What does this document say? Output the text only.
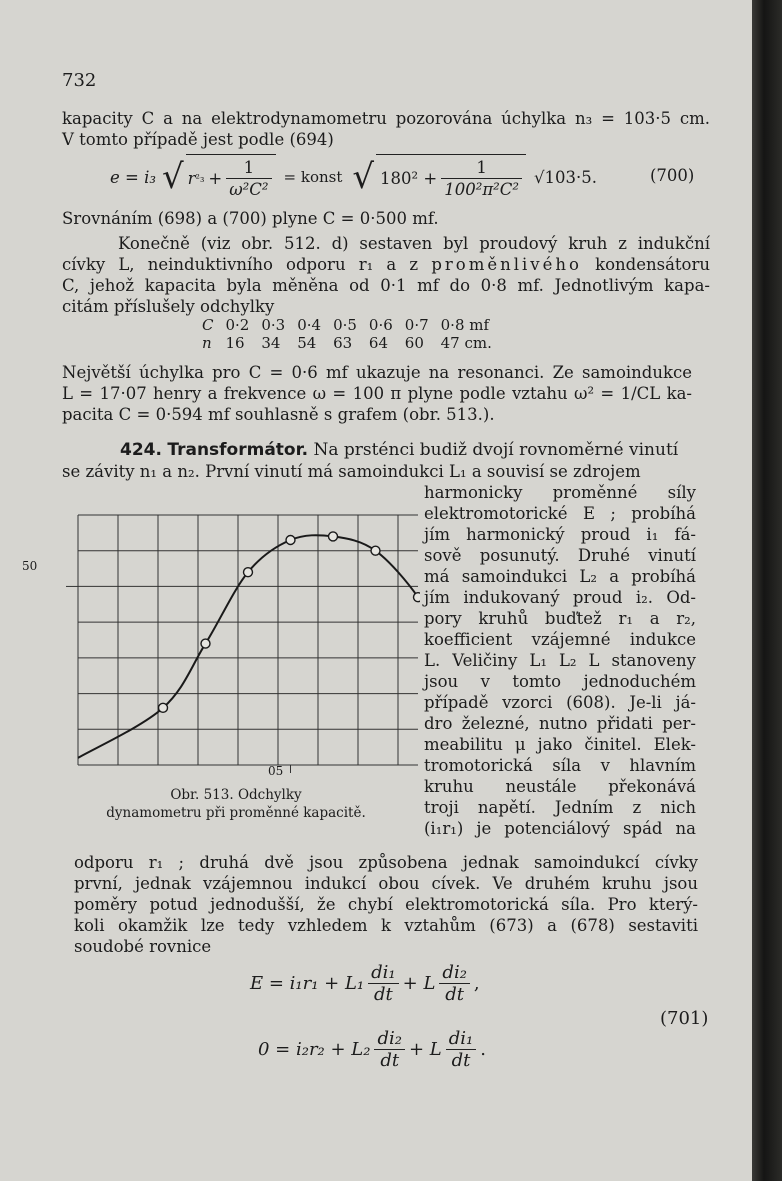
732
kapacity C a na elektrodynamometru pozorována úchylka n₃ = 103·5 cm.
V tomto případě jest podle (694)
e = i₃ √ r $^2_3 + \frac{1}{\text{ω²C²}}$ = konst √ $180^2 + \frac{1}{\text{100²π²C²}} √103\cdot 5$.	(700)
Srovnáním (698) a (700) plyne C = 0·500 mf.
Konečně (viz obr. 512. d) sestaven byl proudový kruh z indukční
cívky L, neinduktivního odporu r₁ a z proměnlivého kondensátoru
C, jehož kapacita byla měněna od 0·1 mf do 0·8 mf. Jednotlivým kapa-
citám příslušely odchylky
C	0·2	0·3	0·4	0·5	0·6	0·7	0·8 mf
n	16	34	54	63	64	60	47 cm.
Největší úchylka pro C = 0·6 mf ukazuje na resonanci. Ze samoindukce
L = 17·07 henry a frekvence ω = 100 π plyne podle vztahu ω² = 1/CL ka-
pacita C = 0·594 mf souhlasně s grafem (obr. 513.).
424. Transformátor. Na prsténci budiž dvojí rovnoměrné vinutí
se závity n₁ a n₂. První vinutí má samoindukci L₁ a souvisí se zdrojem
harmonicky proměnné síly
elektromotorické E ; probíhá
jím harmonický proud i₁ fá-
sově posunutý. Druhé vinutí
má samoindukci L₂ a probíhá
jím indukovaný proud i₂. Od-
pory kruhů buďtež r₁ a r₂,
koefficient vzájemné indukce
L. Veličiny L₁ L₂ L stanoveny
jsou v tomto jednoduchém
případě vzorci (608). Je-li já-
dro železné, nutno přidati per-
meabilitu μ jako činitel. Elek-
tromotorická síla v hlavním
kruhu neustále překonává
troji napětí. Jedním z nich
(i₁r₁) je potenciálový spád na
50
05
Obr. 513. Odchylky
dynamometru při proměnné kapacitě.
odporu r₁ ; druhá dvě jsou způsobena jednak samoindukcí cívky
první, jednak vzájemnou indukcí obou cívek. Ve druhém kruhu jsou
poměry potud jednodušší, že chybí elektromotorická síla. Pro který-
koli okamžik lze tedy vzhledem k vztahům (673) a (678) sestaviti
soudobé rovnice
$E = i_1r_1 + L_1 \frac{\text{di₁}}{dt} + L \frac{\text{di₂}}{dt}$ ,
$0 = i_2r_2 + L_2 \frac{\text{di₂}}{dt} + L \frac{\text{di₁}}{dt}$ .
(701)
